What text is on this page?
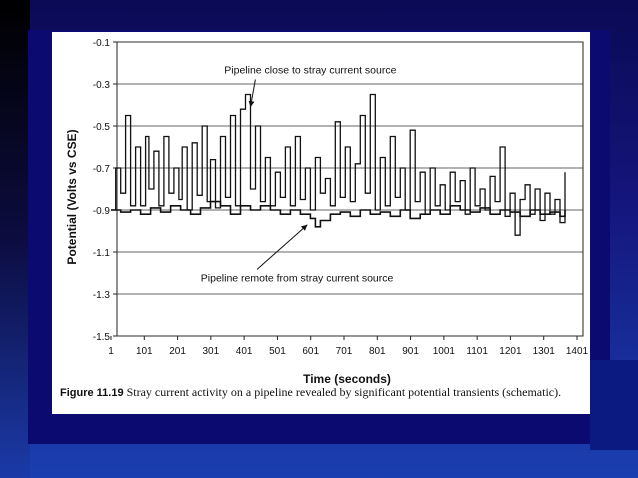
-0.1
-0.3
-0.5
-0.7
-0.9
-1.1
-1.3
-1.5
1 101 201 301 401 501 601 701 801 901 1001 1101 1201 1301 1401
Pipeline close to stray current source
Pipeline remote from stray current source
Time (seconds)
Potential (Volts vs CSE)
Figure 11.19 Stray current activity on a pipeline revealed by significant potential transients (schematic).
